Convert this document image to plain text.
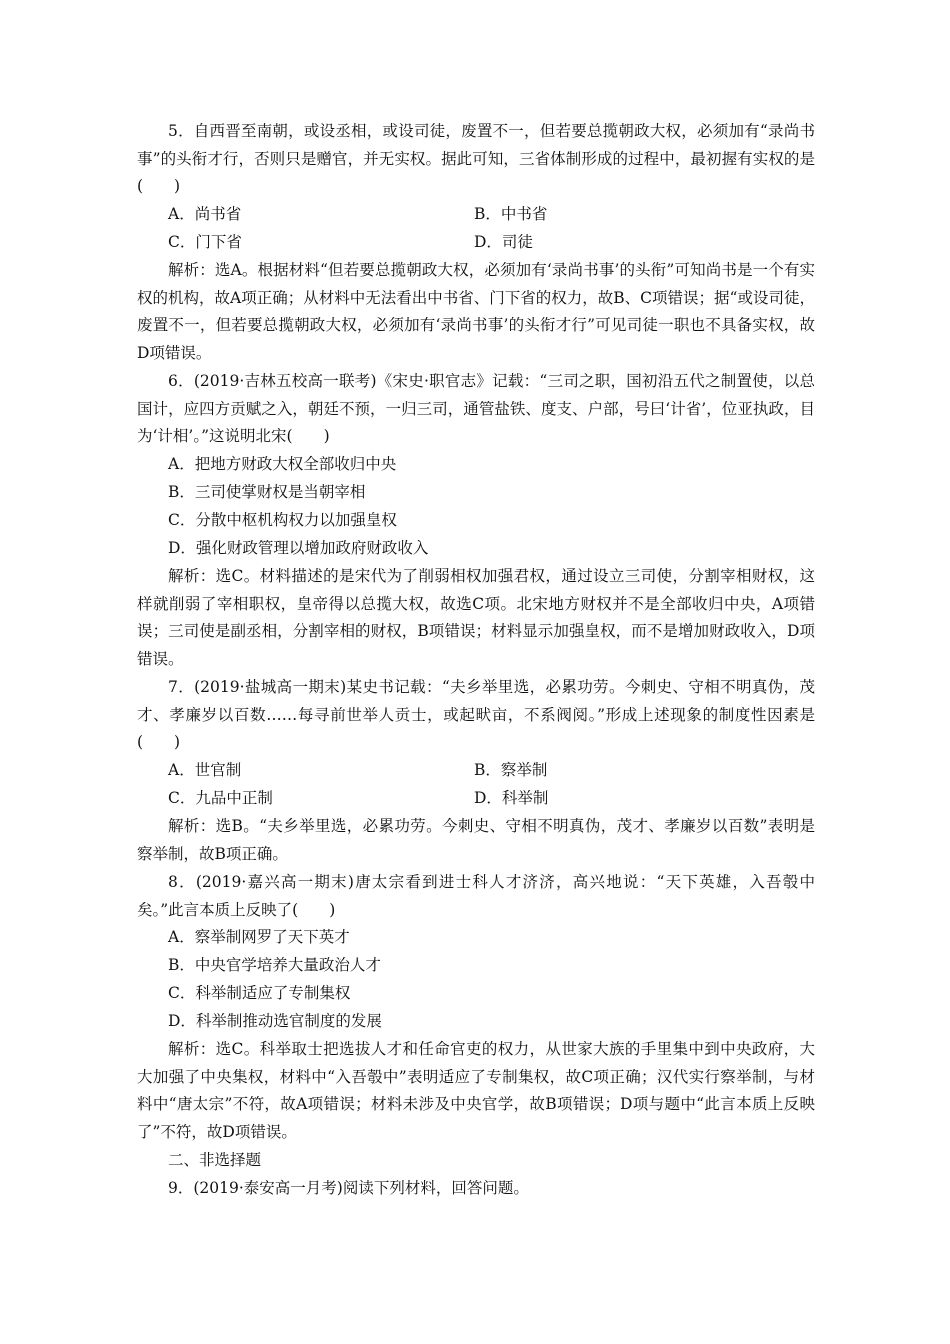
5．自西晋至南朝，或设丞相，或设司徒，废置不一，但若要总揽朝政大权，必须加有“录尚书事”的头衔才行，否则只是赠官，并无实权。据此可知，三省体制形成的过程中，最初握有实权的是(　　)

A．尚书省	B．中书省

C．门下省	D．司徒

解析：选A。根据材料“但若要总揽朝政大权，必须加有‘录尚书事’的头衔”可知尚书是一个有实权的机构，故A项正确；从材料中无法看出中书省、门下省的权力，故B、C项错误；据“或设司徒，废置不一，但若要总揽朝政大权，必须加有‘录尚书事’的头衔才行”可见司徒一职也不具备实权，故D项错误。

6．(2019·吉林五校高一联考)《宋史·职官志》记载：“三司之职，国初沿五代之制置使，以总国计，应四方贡赋之入，朝廷不预，一归三司，通管盐铁、度支、户部，号曰‘计省’，位亚执政，目为‘计相’。”这说明北宋(　　)

A．把地方财政大权全部收归中央

B．三司使掌财权是当朝宰相

C．分散中枢机构权力以加强皇权

D．强化财政管理以增加政府财政收入

解析：选C。材料描述的是宋代为了削弱相权加强君权，通过设立三司使，分割宰相财权，这样就削弱了宰相职权，皇帝得以总揽大权，故选C项。北宋地方财权并不是全部收归中央，A项错误；三司使是副丞相，分割宰相的财权，B项错误；材料显示加强皇权，而不是增加财政收入，D项错误。

7．(2019·盐城高一期末)某史书记载：“夫乡举里选，必累功劳。今刺史、守相不明真伪，茂才、孝廉岁以百数……每寻前世举人贡士，或起畎亩，不系阀阅。”形成上述现象的制度性因素是(　　)

A．世官制	B．察举制

C．九品中正制	D．科举制

解析：选B。“夫乡举里选，必累功劳。今刺史、守相不明真伪，茂才、孝廉岁以百数”表明是察举制，故B项正确。

8．(2019·嘉兴高一期末)唐太宗看到进士科人才济济，高兴地说：“天下英雄，入吾彀中矣。”此言本质上反映了(　　)

A．察举制网罗了天下英才

B．中央官学培养大量政治人才

C．科举制适应了专制集权

D．科举制推动选官制度的发展

解析：选C。科举取士把选拔人才和任命官吏的权力，从世家大族的手里集中到中央政府，大大加强了中央集权，材料中“入吾彀中”表明适应了专制集权，故C项正确；汉代实行察举制，与材料中“唐太宗”不符，故A项错误；材料未涉及中央官学，故B项错误；D项与题中“此言本质上反映了”不符，故D项错误。

二、非选择题

9．(2019·泰安高一月考)阅读下列材料，回答问题。
